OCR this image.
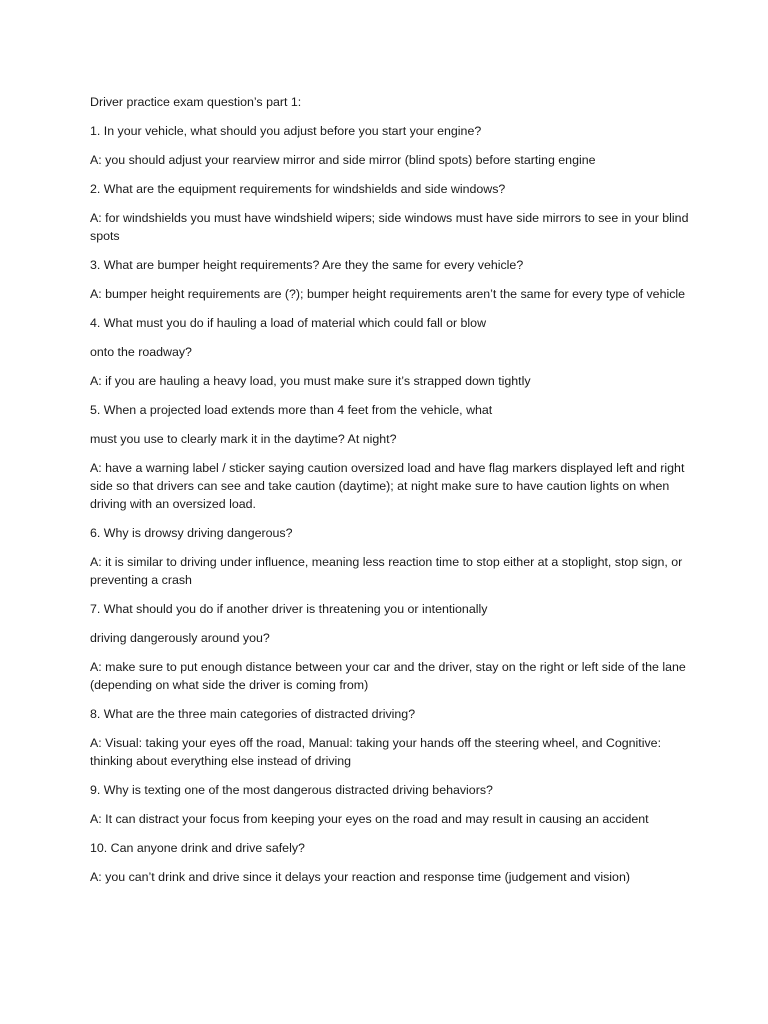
Driver practice exam question’s part 1:

1. In your vehicle, what should you adjust before you start your engine?

A: you should adjust your rearview mirror and side mirror (blind spots) before starting engine

2. What are the equipment requirements for windshields and side windows?

A: for windshields you must have windshield wipers; side windows must have side mirrors to see in your blind spots

3. What are bumper height requirements? Are they the same for every vehicle?

A: bumper height requirements are (?); bumper height requirements aren’t the same for every type of vehicle

4. What must you do if hauling a load of material which could fall or blow

onto the roadway?

A: if you are hauling a heavy load, you must make sure it’s strapped down tightly

5. When a projected load extends more than 4 feet from the vehicle, what

must you use to clearly mark it in the daytime? At night?

A: have a warning label / sticker saying caution oversized load and have flag markers displayed left and right side so that drivers can see and take caution (daytime); at night make sure to have caution lights on when driving with an oversized load.

6. Why is drowsy driving dangerous?

A: it is similar to driving under influence, meaning less reaction time to stop either at a stoplight, stop sign, or preventing a crash

7. What should you do if another driver is threatening you or intentionally

driving dangerously around you?

A: make sure to put enough distance between your car and the driver, stay on the right or left side of the lane (depending on what side the driver is coming from)

8. What are the three main categories of distracted driving?

A: Visual: taking your eyes off the road, Manual: taking your hands off the steering wheel, and Cognitive: thinking about everything else instead of driving

9. Why is texting one of the most dangerous distracted driving behaviors?

A: It can distract your focus from keeping your eyes on the road and may result in causing an accident

10. Can anyone drink and drive safely?

A: you can’t drink and drive since it delays your reaction and response time (judgement and vision)
